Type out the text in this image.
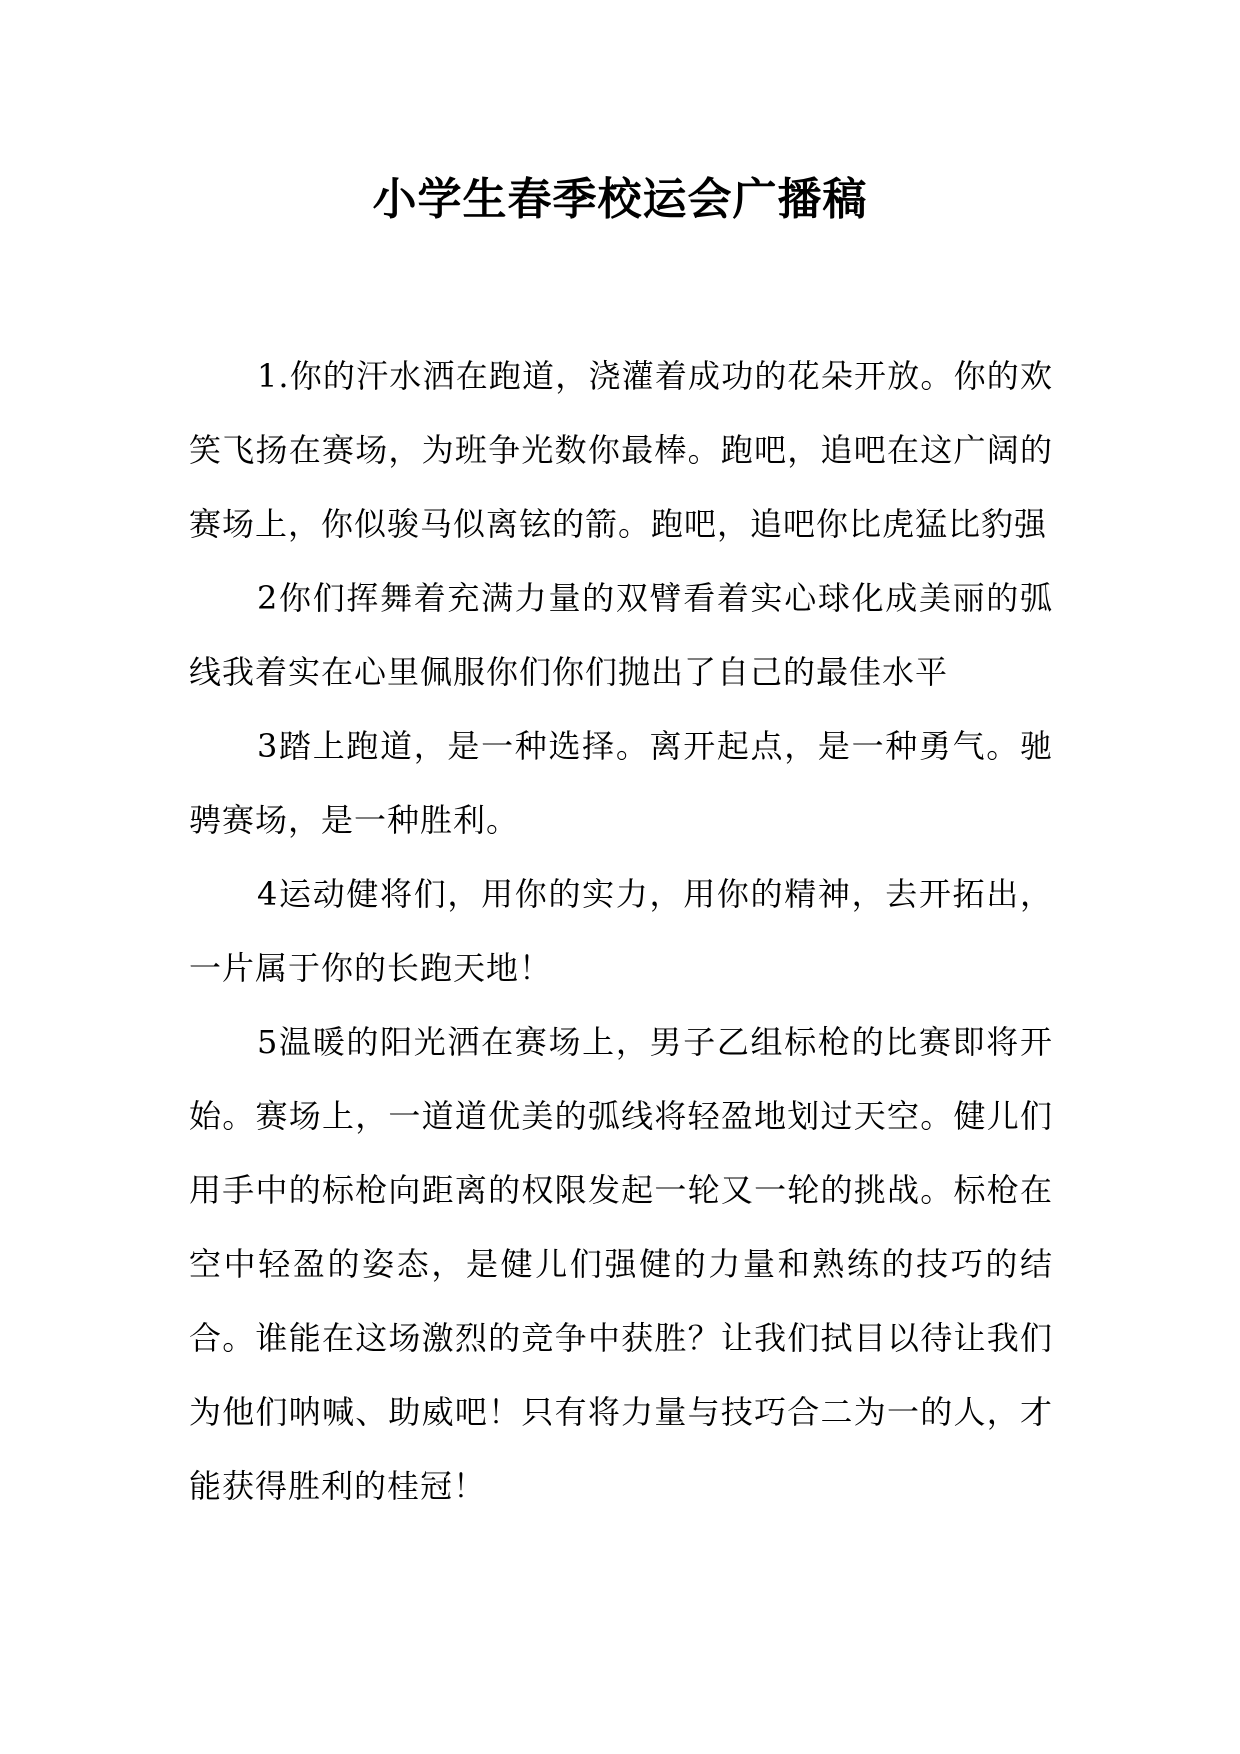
小学生春季校运会广播稿

1.你的汗水洒在跑道，浇灌着成功的花朵开放。你的欢笑飞扬在赛场，为班争光数你最棒。跑吧，追吧在这广阔的赛场上，你似骏马似离铉的箭。跑吧，追吧你比虎猛比豹强

2你们挥舞着充满力量的双臂看着实心球化成美丽的弧线我着实在心里佩服你们你们抛出了自己的最佳水平

3踏上跑道，是一种选择。离开起点，是一种勇气。驰骋赛场，是一种胜利。

4运动健将们，用你的实力，用你的精神，去开拓出，一片属于你的长跑天地！

5温暖的阳光洒在赛场上，男子乙组标枪的比赛即将开始。赛场上，一道道优美的弧线将轻盈地划过天空。健儿们用手中的标枪向距离的权限发起一轮又一轮的挑战。标枪在空中轻盈的姿态，是健儿们强健的力量和熟练的技巧的结合。谁能在这场激烈的竞争中获胜？让我们拭目以待让我们为他们呐喊、助威吧！只有将力量与技巧合二为一的人，才能获得胜利的桂冠！
